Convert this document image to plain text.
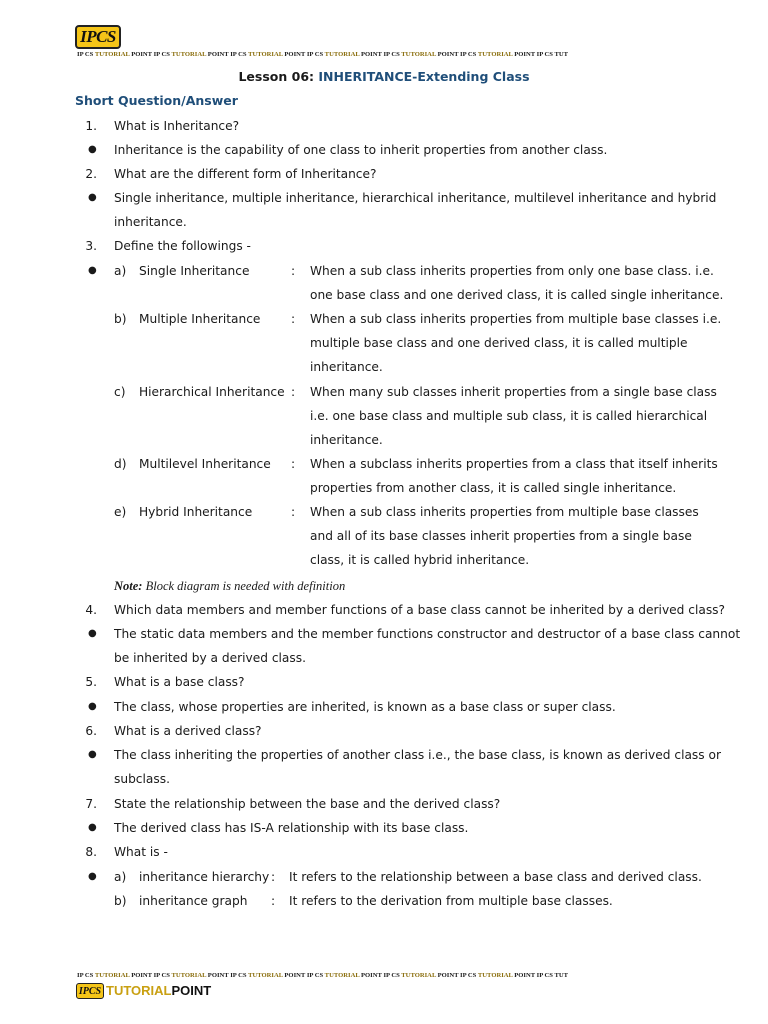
IPCS
IP CS TUTORIAL POINT IP CS TUTORIAL POINT IP CS TUTORIAL POINT IP CS TUTORIAL POINT IP CS TUTORIAL POINT IP CS TUTORIAL POINT IP CS TUT
Lesson 06: INHERITANCE-Extending Class
Short Question/Answer
1. What is Inheritance?
● Inheritance is the capability of one class to inherit properties from another class.
2. What are the different form of Inheritance?
● Single inheritance, multiple inheritance, hierarchical inheritance, multilevel inheritance and hybrid
inheritance.
3. Define the followings -
● a) Single Inheritance	: When a sub class inherits properties from only one base class. i.e.
one base class and one derived class, it is called single inheritance.
b) Multiple Inheritance	: When a sub class inherits properties from multiple base classes i.e.
multiple base class and one derived class, it is called multiple
inheritance.
c) Hierarchical Inheritance : When many sub classes inherit properties from a single base class
i.e. one base class and multiple sub class, it is called hierarchical
inheritance.
d) Multilevel Inheritance : When a subclass inherits properties from a class that itself inherits
properties from another class, it is called single inheritance.
e) Hybrid Inheritance	: When a sub class inherits properties from multiple base classes
and all of its base classes inherit properties from a single base
class, it is called hybrid inheritance.
Note: Block diagram is needed with definition
4. Which data members and member functions of a base class cannot be inherited by a derived class?
● The static data members and the member functions constructor and destructor of a base class cannot
be inherited by a derived class.
5. What is a base class?
● The class, whose properties are inherited, is known as a base class or super class.
6. What is a derived class?
● The class inheriting the properties of another class i.e., the base class, is known as derived class or
subclass.
7. State the relationship between the base and the derived class?
● The derived class has IS-A relationship with its base class.
8. What is -
● a) inheritance hierarchy : It refers to the relationship between a base class and derived class.
b) inheritance graph : It refers to the derivation from multiple base classes.
IP CS TUTORIAL POINT IP CS TUTORIAL POINT IP CS TUTORIAL POINT IP CS TUTORIAL POINT IP CS TUTORIAL POINT IP CS TUTORIAL POINT IP CS TUT
IPCS TUTORIALPOINT
